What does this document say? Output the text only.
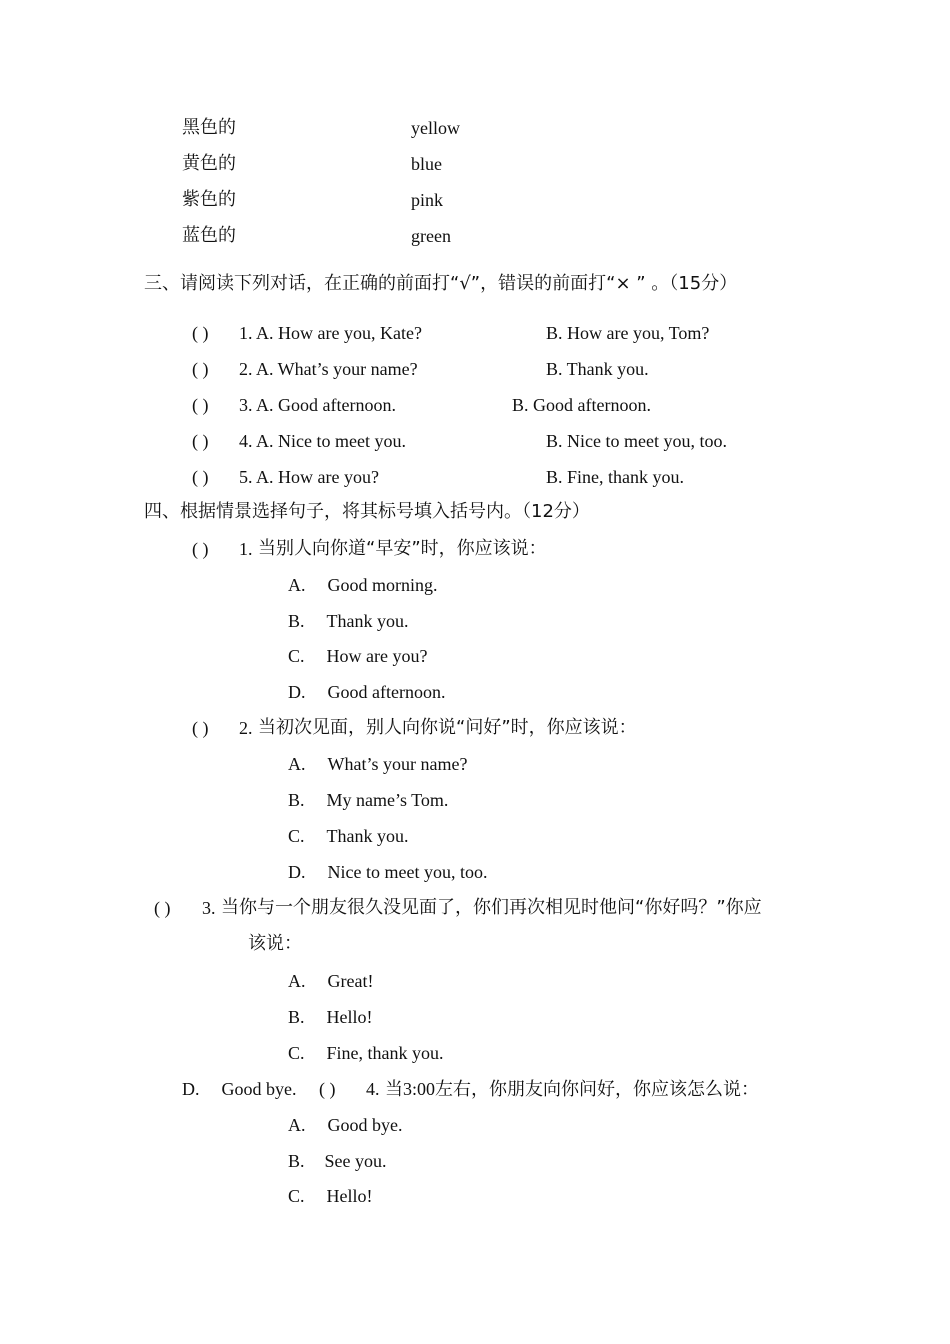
黑色的	yellow
黄色的	blue
紫色的	pink
蓝色的	green
三、请阅读下列对话，在正确的前面打“√”，错误的前面打“× ” 。（15分）
( ) 1. A. How are you, Kate?	B. How are you, Tom?
( ) 2. A. What’s your name?	B. Thank you.
( ) 3. A. Good afternoon.	B. Good afternoon.
( ) 4. A. Nice to meet you.	B. Nice to meet you, too.
( ) 5. A. How are you?	B. Fine, thank you.
四、根据情景选择句子，将其标号填入括号内。（12分）
( ) 1. 当别人向你道“早安”时，你应该说：
A. Good morning.
B. Thank you.
C. How are you?
D. Good afternoon.
( ) 2. 当初次见面，别人向你说“问好”时，你应该说：
A. What’s your name?
B. My name’s Tom.
C. Thank you.
D. Nice to meet you, too.
( ) 3. 当你与一个朋友很久没见面了，你们再次相见时他问“你好吗？”你应
该说：
A. Great!
B. Hello!
C. Fine, thank you.
D. Good bye. ( ) 4. 当3:00左右，你朋友向你问好，你应该怎么说：
A. Good bye.
B. See you.
C. Hello!
